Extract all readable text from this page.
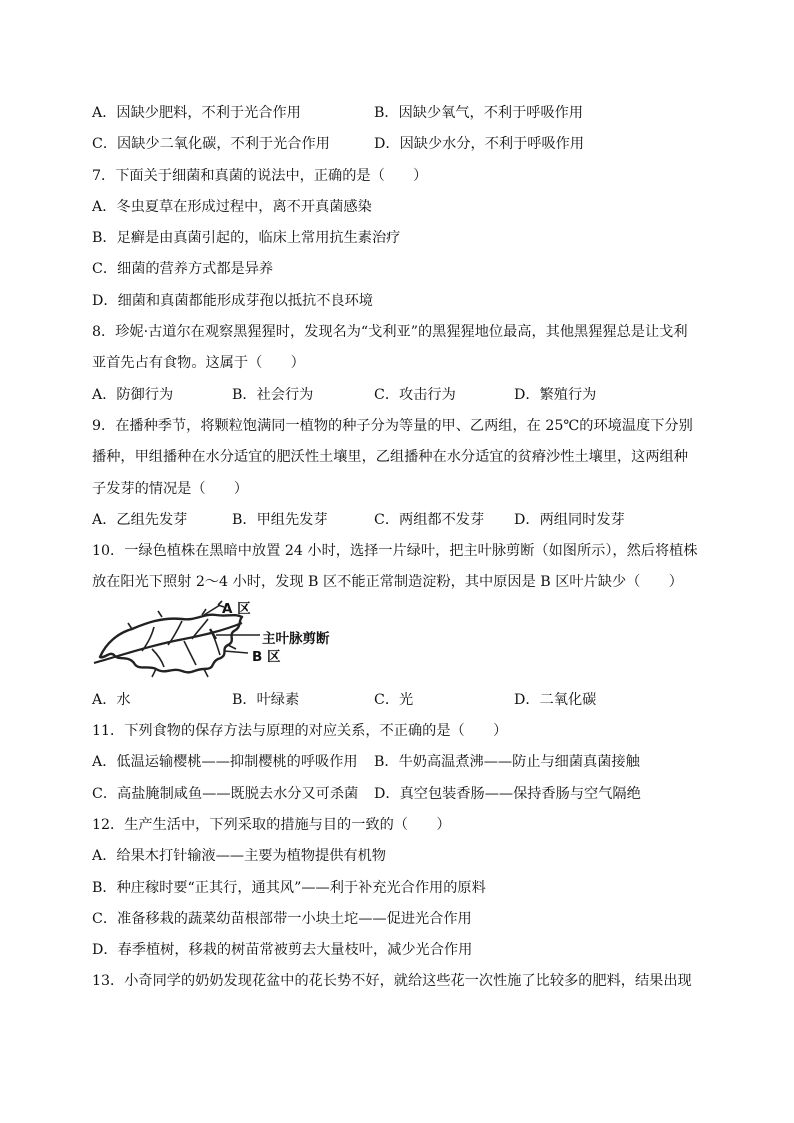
A．因缺少肥料，不利于光合作用	B．因缺少氧气，不利于呼吸作用
C．因缺少二氧化碳，不利于光合作用	D．因缺少水分，不利于呼吸作用
7．下面关于细菌和真菌的说法中，正确的是（　　）
A．冬虫夏草在形成过程中，离不开真菌感染
B．足癣是由真菌引起的，临床上常用抗生素治疗
C．细菌的营养方式都是异养
D．细菌和真菌都能形成芽孢以抵抗不良环境
8．珍妮·古道尔在观察黑猩猩时，发现名为“戈利亚”的黑猩猩地位最高，其他黑猩猩总是让戈利
亚首先占有食物。这属于（　　）
A．防御行为	B．社会行为	C．攻击行为	D．繁殖行为
9．在播种季节，将颗粒饱满同一植物的种子分为等量的甲、乙两组，在 25℃的环境温度下分别
播种，甲组播种在水分适宜的肥沃性土壤里，乙组播种在水分适宜的贫瘠沙性土壤里，这两组种
子发芽的情况是（　　）
A．乙组先发芽	B．甲组先发芽	C．两组都不发芽 D．两组同时发芽
10．一绿色植株在黑暗中放置 24 小时，选择一片绿叶，把主叶脉剪断（如图所示），然后将植株
放在阳光下照射 2～4 小时，发现 B 区不能正常制造淀粉，其中原因是 B 区叶片缺少（　　）
A 区
主叶脉剪断
B 区
A．水	B．叶绿素	C．光	D．二氧化碳
11．下列食物的保存方法与原理的对应关系，不正确的是（　　）
A．低温运输樱桃——抑制樱桃的呼吸作用 B．牛奶高温煮沸——防止与细菌真菌接触
C．高盐腌制咸鱼——既脱去水分又可杀菌 D．真空包装香肠——保持香肠与空气隔绝
12．生产生活中，下列采取的措施与目的一致的（　　）
A．给果木打针输液——主要为植物提供有机物
B．种庄稼时要“正其行，通其风”——利于补充光合作用的原料
C．准备移栽的蔬菜幼苗根部带一小块土坨——促进光合作用
D．春季植树，移栽的树苗常被剪去大量枝叶，减少光合作用
13．小奇同学的奶奶发现花盆中的花长势不好，就给这些花一次性施了比较多的肥料，结果出现
